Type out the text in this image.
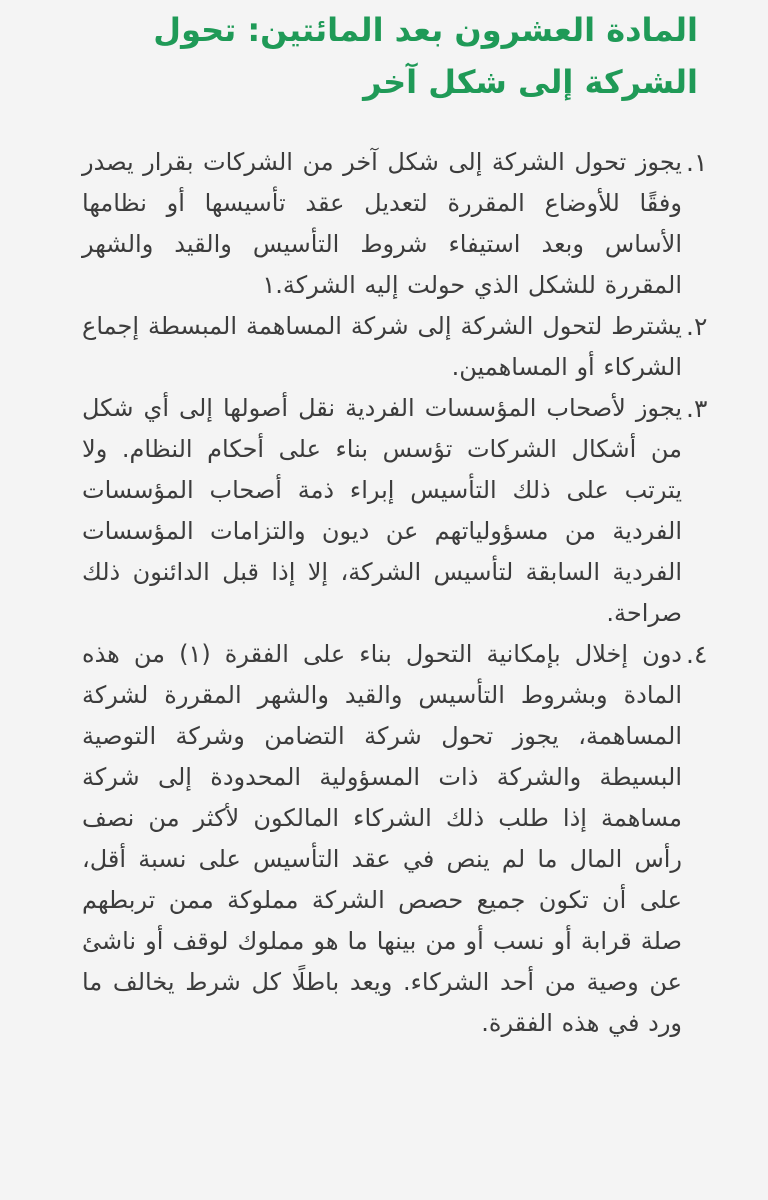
المادة العشرون بعد المائتين: تحول الشركة إلى شكل آخر
١.
يجوز تحول الشركة إلى شكل آخر من الشركات بقرار يصدر وفقًا للأوضاع المقررة لتعديل عقد تأسيسها أو نظامها الأساس وبعد استيفاء شروط التأسيس والقيد والشهر المقررة للشكل الذي حولت إليه الشركة.١
٢.
يشترط لتحول الشركة إلى شركة المساهمة المبسطة إجماع الشركاء أو المساهمين.
٣.
يجوز لأصحاب المؤسسات الفردية نقل أصولها إلى أي شكل من أشكال الشركات تؤسس بناء على أحكام النظام. ولا يترتب على ذلك التأسيس إبراء ذمة أصحاب المؤسسات الفردية من مسؤولياتهم عن ديون والتزامات المؤسسات الفردية السابقة لتأسيس الشركة، إلا إذا قبل الدائنون ذلك صراحة.
٤.
دون إخلال بإمكانية التحول بناء على الفقرة (١) من هذه المادة وبشروط التأسيس والقيد والشهر المقررة لشركة المساهمة، يجوز تحول شركة التضامن وشركة التوصية البسيطة والشركة ذات المسؤولية المحدودة إلى شركة مساهمة إذا طلب ذلك الشركاء المالكون لأكثر من نصف رأس المال ما لم ينص في عقد التأسيس على نسبة أقل، على أن تكون جميع حصص الشركة مملوكة ممن تربطهم صلة قرابة أو نسب أو من بينها ما هو مملوك لوقف أو ناشئ عن وصية من أحد الشركاء. ويعد باطلًا كل شرط يخالف ما ورد في هذه الفقرة.
